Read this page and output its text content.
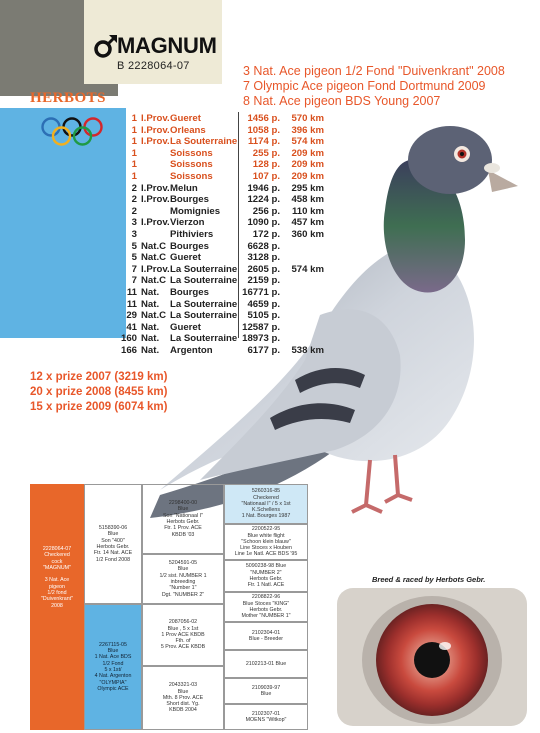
MAGNUM
B 2228064-07
HERBOTS
3 Nat. Ace pigeon 1/2 Fond "Duivenkrant" 2008
7 Olympic Ace pigeon Fond Dortmund 2009
8 Nat. Ace pigeon BDS Young 2007
1 I.Prov. Gueret	1456 p.	570 km
1 I.Prov. Orleans	1058 p.	396 km
1 I.Prov. La Souterraine	1174 p.	574 km
1	Soissons	255 p.	209 km
1	Soissons	128 p.	209 km
1	Soissons	107 p.	209 km
2 I.Prov. Melun	1946 p.	295 km
2 I.Prov. Bourges	1224 p.	458 km
2	Momignies	256 p.	110 km
3 I.Prov. Vierzon	1090 p.	457 km
3	Pithiviers	172 p.	360 km
5 Nat.C Bourges	6628 p.
5 Nat.C Gueret	3128 p.
7 I.Prov. La Souterraine	2605 p.	574 km
7 Nat.C La Souterraine	2159 p.
11 Nat.	Bourges	16771 p.
11 Nat.	La Souterraine	4659 p.
29 Nat.C La Souterraine	5105 p.
41 Nat.	Gueret	12587 p.
160 Nat.	La Souterraine 18973 p.
166 Nat.	Argenton	6177 p.	538 km
12 x prize 2007 (3219 km)
20 x prize 2008 (8455 km)
15 x prize 2009 (6074 km)
2228064-07
Checkered
cock
"MAGNUM"

3 Nat. Ace
pigeon
1/2 fond
"Duivenkrant"
2008
5158390-06
Blue
Son "400"
Herbots Gebr.
Ftr. 14 Nat. ACE
1/2 Fond 2008
2267115-05
Blue
1 Nat. Ace BDS
1/2 Fond
5 x 1st/
4 Nat. Argenton
"OLYMPIA"
Olympic ACE
2298400-00
Blue
Son "Nationaal I"
Herbots Gebr.
Ftr. 1 Prov. ACE
KBDB '03
5204591-05
Blue
1/2 sist. NUMBER 1
inbreeding
"Number 1"
Dgt. "NUMBER 2"
2087056-02
Blue , 5 x 1st
1 Prov ACE KBDB
Fth. of
5 Prov. ACE KBDB
2043321-03
Blue
Mth. 8 Prov. ACE
Short dist. Yg.
KBDB 2004
5260316-85
Checkered
"Nationaal I" / 5 x 1st
K.Schellens
1 Nat. Bourges 1987
2200522-95
Blue white flight
"Schoon klein blauw"
Line Stoces x Houben
Line 1e Natl. ACE BDS '95
5090238-98 Blue
"NUMBER 2"
Herbots Gebr.
Ftr. 1 Natl. ACE
2208822-96
Blue Stoces "KING"
Herbots Gebr.
Mother "NUMBER 1"
2102304-01
Blue - Breeder
2102213-01 Blue
2109039-97
Blue
2102307-01
MOENS "Witkop"
Breed & raced by Herbots Gebr.
